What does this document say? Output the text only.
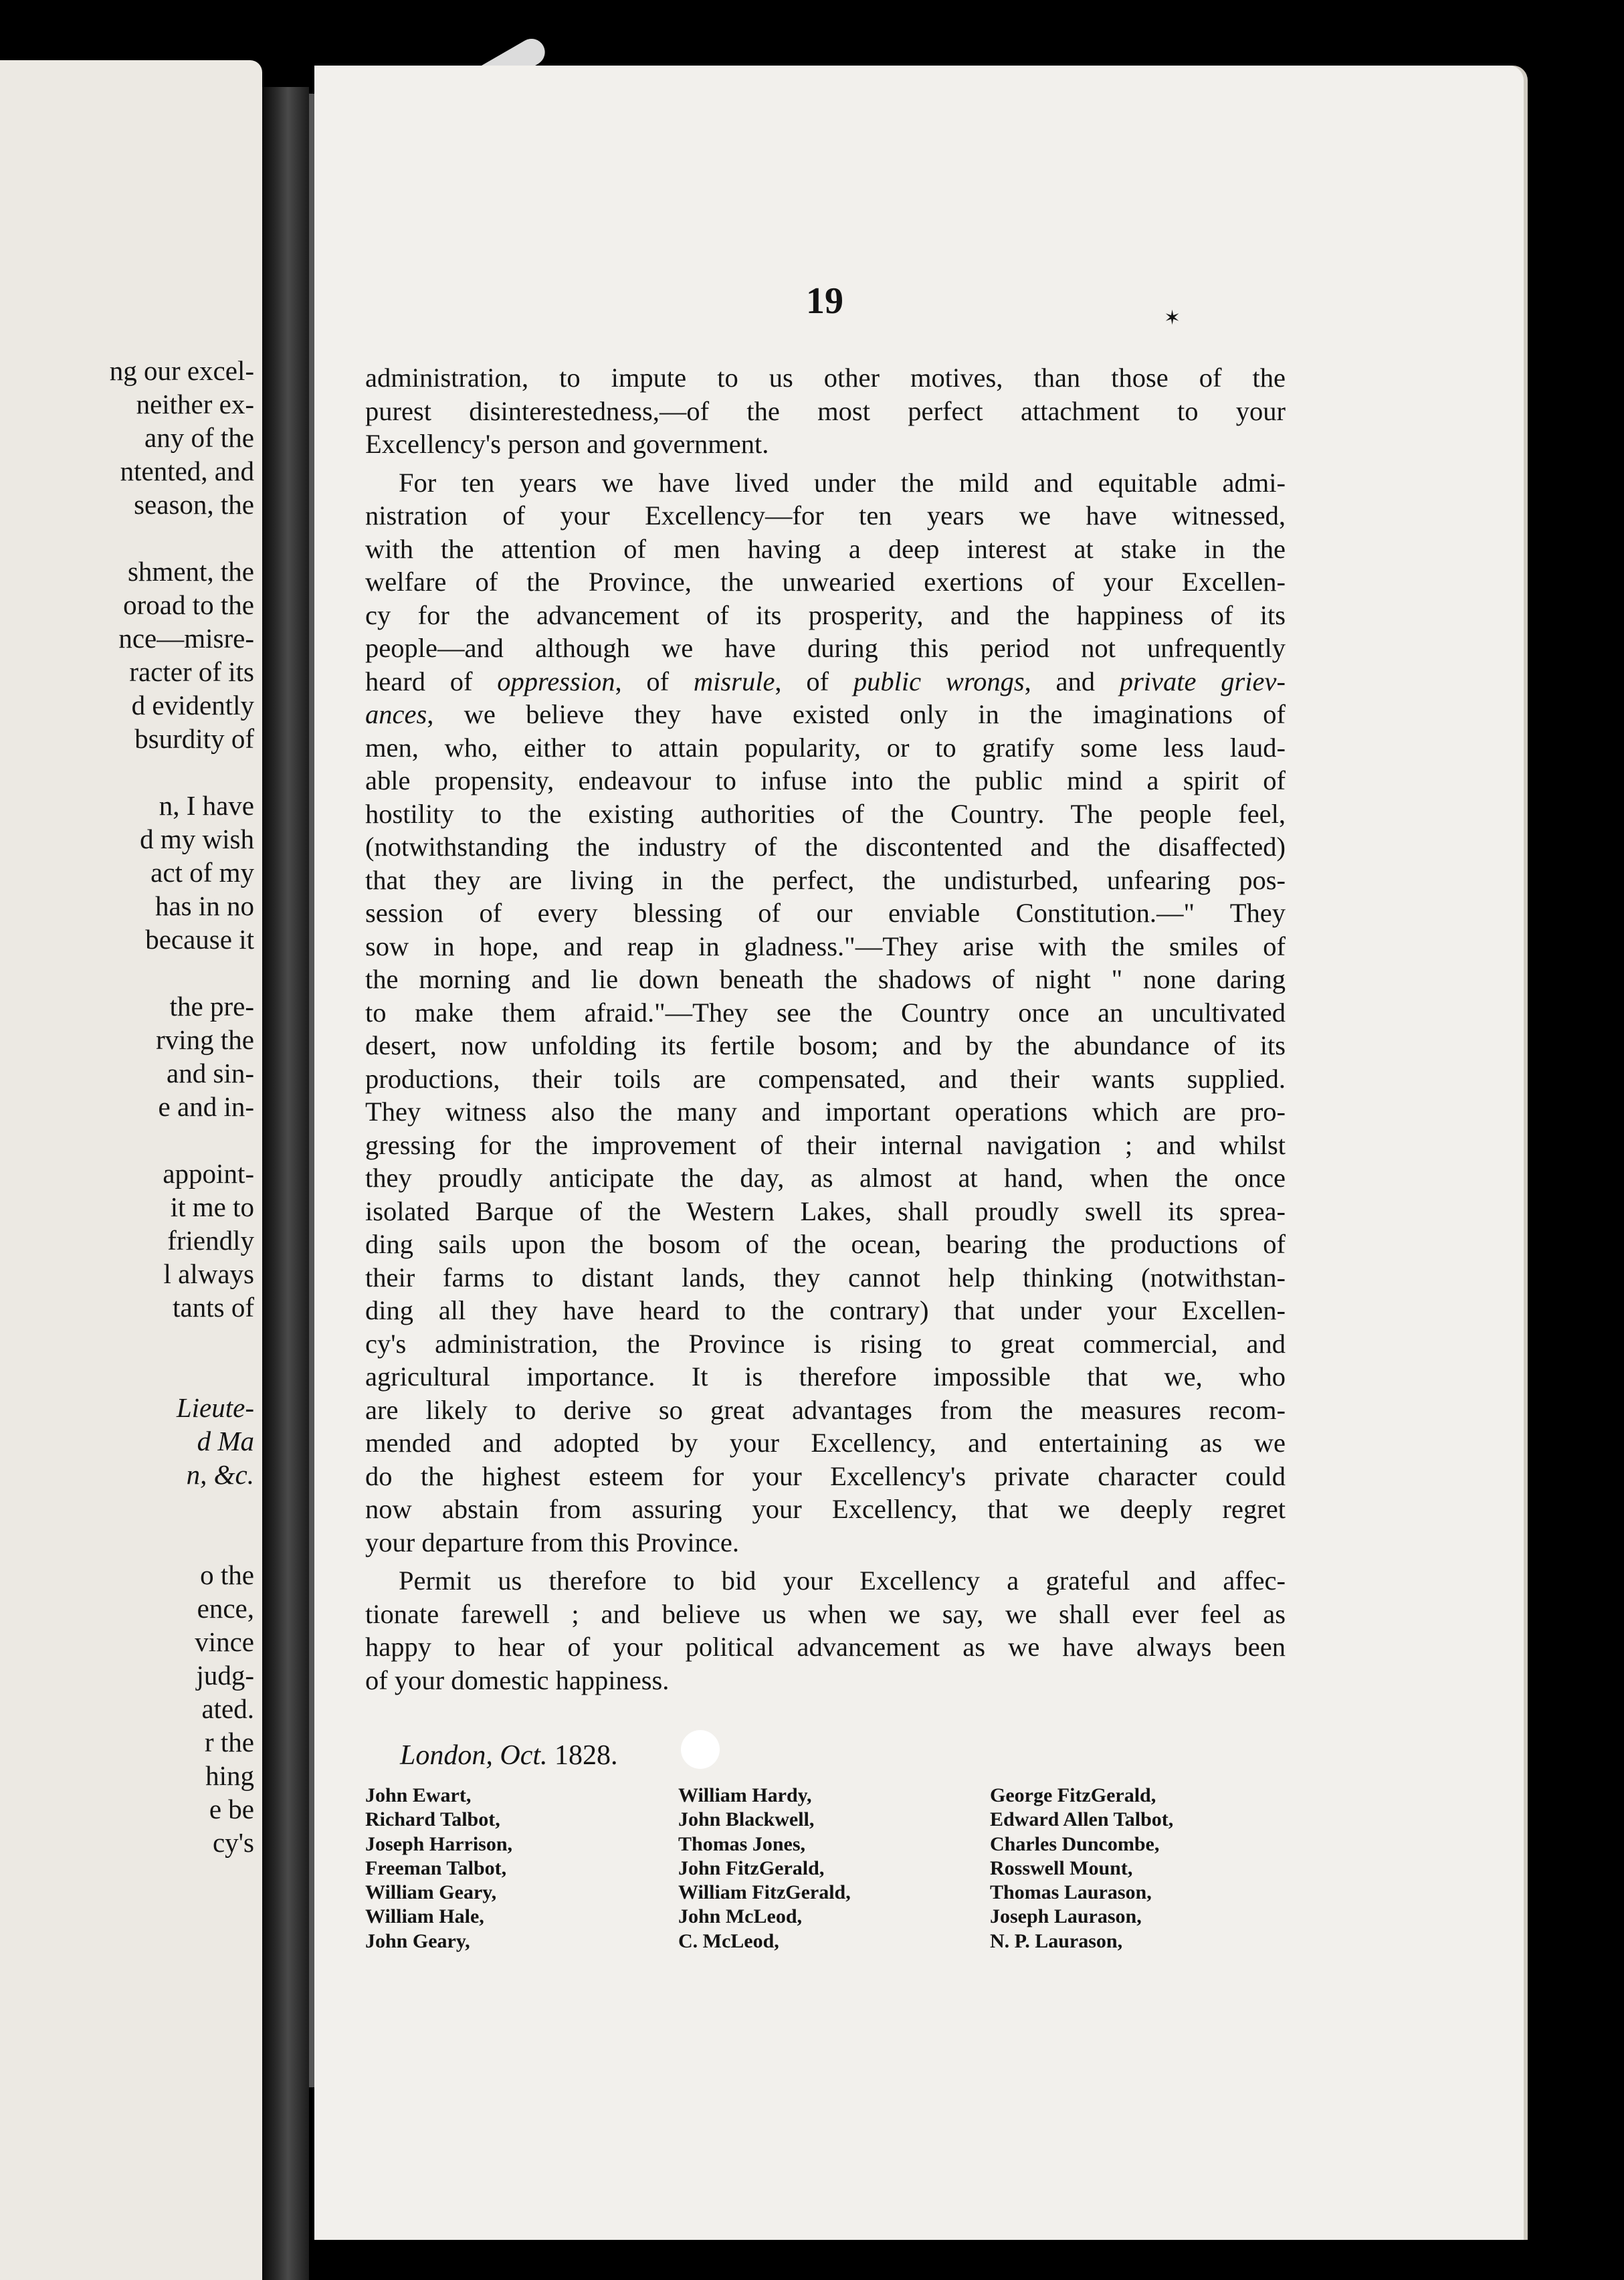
ng our excel-
neither ex-
any of the
ntented, and
season, the
shment, the
oroad to the
nce—misre-
racter of its
d evidently
bsurdity of
n, I have
d my wish
act of my
has in no
because it
the pre-
rving the
and sin-
e and in-
appoint-
it me to
friendly
l always
tants of
Lieute-
d Ma
n, &c.
o the
ence,
vince
judg-
ated.
r the
hing
e be
cy's
19	✶
administration, to impute to us other motives, than those of the
purest disinterestedness,—of the most perfect attachment to your
Excellency's person and government.
For ten years we have lived under the mild and equitable admi-
nistration of your Excellency—for ten years we have witnessed,
with the attention of men having a deep interest at stake in the
welfare of the Province, the unwearied exertions of your Excellen-
cy for the advancement of its prosperity, and the happiness of its
people—and although we have during this period not unfrequently
heard of oppression, of misrule, of public wrongs, and private griev-
ances, we believe they have existed only in the imaginations of
men, who, either to attain popularity, or to gratify some less laud-
able propensity, endeavour to infuse into the public mind a spirit of
hostility to the existing authorities of the Country. The people feel,
(notwithstanding the industry of the discontented and the disaffected)
that they are living in the perfect, the undisturbed, unfearing pos-
session of every blessing of our enviable Constitution.—" They
sow in hope, and reap in gladness."—They arise with the smiles of
the morning and lie down beneath the shadows of night " none daring
to make them afraid."—They see the Country once an uncultivated
desert, now unfolding its fertile bosom; and by the abundance of its
productions, their toils are compensated, and their wants supplied.
They witness also the many and important operations which are pro-
gressing for the improvement of their internal navigation ; and whilst
they proudly anticipate the day, as almost at hand, when the once
isolated Barque of the Western Lakes, shall proudly swell its sprea-
ding sails upon the bosom of the ocean, bearing the productions of
their farms to distant lands, they cannot help thinking (notwithstan-
ding all they have heard to the contrary) that under your Excellen-
cy's administration, the Province is rising to great commercial, and
agricultural importance. It is therefore impossible that we, who
are likely to derive so great advantages from the measures recom-
mended and adopted by your Excellency, and entertaining as we
do the highest esteem for your Excellency's private character could
now abstain from assuring your Excellency, that we deeply regret
your departure from this Province.
Permit us therefore to bid your Excellency a grateful and affec-
tionate farewell ; and believe us when we say, we shall ever feel as
happy to hear of your political advancement as we have always been
of your domestic happiness.
London, Oct. 1828.
John Ewart,
Richard Talbot,
Joseph Harrison,
Freeman Talbot,
William Geary,
William Hale,
John Geary,
William Hardy,
John Blackwell,
Thomas Jones,
John FitzGerald,
William FitzGerald,
John McLeod,
C. McLeod,
George FitzGerald,
Edward Allen Talbot,
Charles Duncombe,
Rosswell Mount,
Thomas Laurason,
Joseph Laurason,
N. P. Laurason,
